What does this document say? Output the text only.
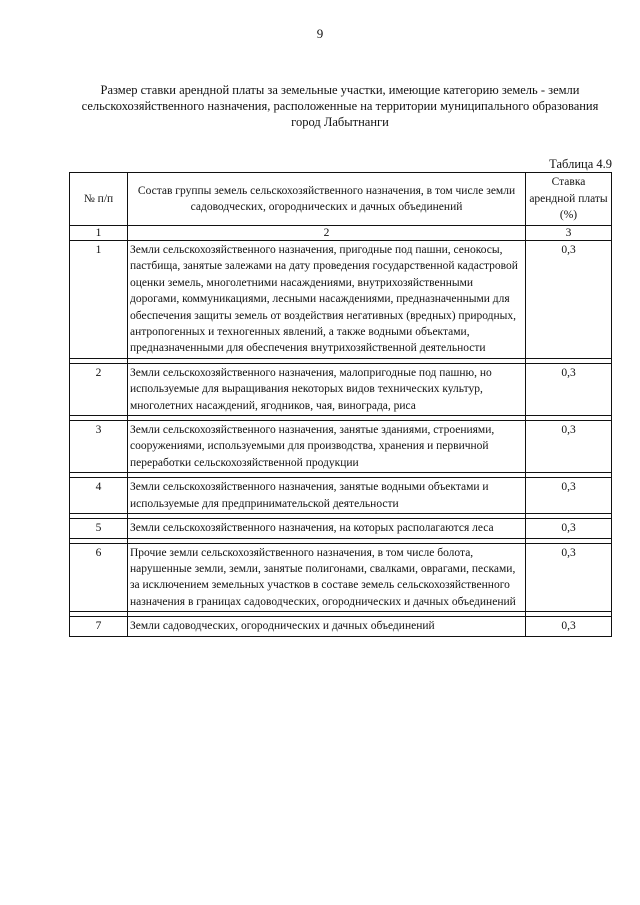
9
Размер ставки арендной платы за земельные участки, имеющие категорию земель - земли сельскохозяйственного назначения, расположенные на территории муниципального образования город Лабытнанги
Таблица 4.9
№ п/п	Состав группы земель сельскохозяйственного назначения, в том числе земли садоводческих, огороднических и дачных объединений	Ставка арендной платы (%)
1	2	3
1	Земли сельскохозяйственного назначения, пригодные под пашни, сенокосы, пастбища, занятые залежами на дату проведения государственной кадастровой оценки земель, многолетними насаждениями, внутрихозяйственными дорогами, коммуникациями, лесными насаждениями, предназначенными для обеспечения защиты земель от воздействия негативных (вредных) природных, антропогенных и техногенных явлений, а также водными объектами, предназначенными для обеспечения внутрихозяйственной деятельности	0,3

2	Земли сельскохозяйственного назначения, малопригодные под пашню, но используемые для выращивания некоторых видов технических культур, многолетних насаждений, ягодников, чая, винограда, риса	0,3

3	Земли сельскохозяйственного назначения, занятые зданиями, строениями, сооружениями, используемыми для производства, хранения и первичной переработки сельскохозяйственной продукции	0,3

4	Земли сельскохозяйственного назначения, занятые водными объектами и используемые для предпринимательской деятельности	0,3

5	Земли сельскохозяйственного назначения, на которых располагаются леса	0,3

6	Прочие земли сельскохозяйственного назначения, в том числе болота, нарушенные земли, земли, занятые полигонами, свалками, оврагами, песками, за исключением земельных участков в составе земель сельскохозяйственного назначения в границах садоводческих, огороднических и дачных объединений	0,3

7	Земли садоводческих, огороднических и дачных объединений	0,3
